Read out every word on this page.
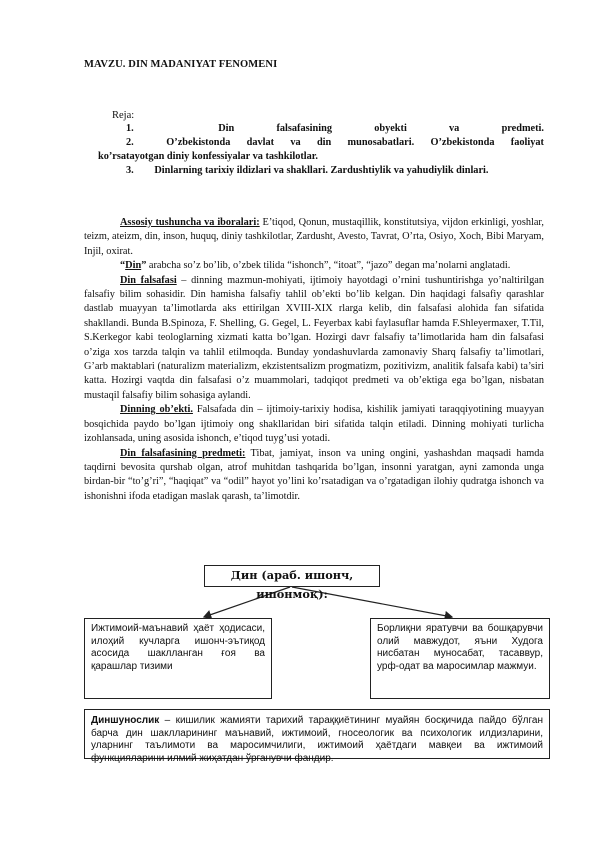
MAVZU. DIN MADANIYAT FENOMENI
Reja:
1.	Din falsafasining obyekti va predmeti.
2.	O’zbekistonda davlat va din munosabatlari. O’zbekistonda faoliyat
ko’rsatayotgan diniy konfessiyalar va tashkilotlar.
3. Dinlarning tarixiy ildizlari va shakllari. Zardushtiylik va yahudiylik dinlari.

Assosiy tushuncha va iboralari: E’tiqod, Qonun, mustaqillik, konstitutsiya, vijdon erkinligi, yoshlar, teizm, ateizm, din, inson, huquq, diniy tashkilotlar, Zardusht, Avesto, Tavrat, O’rta, Osiyo, Xoch, Bibi Maryam, Injil, oxirat.

“Din” arabcha so’z bo’lib, o’zbek tilida “ishonch”, “itoat”, “jazo” degan ma’nolarni anglatadi.

Din falsafasi – dinning mazmun-mohiyati, ijtimoiy hayotdagi o’rnini tushuntirishga yo’naltirilgan falsafiy bilim sohasidir. Din hamisha falsafiy tahlil ob’ekti bo’lib kelgan. Din haqidagi falsafiy qarashlar dastlab muayyan ta’limotlarda aks ettirilgan XVIII-XIX rlarga kelib, din falsafasi alohida fan sifatida shakllandi. Bunda B.Spinoza, F. Shelling, G. Gegel, L. Feyerbax kabi faylasuflar hamda F.Shleyermaxer, T.Til, S.Kerkegor kabi teologlarning xizmati katta bo’lgan. Hozirgi davr falsafiy ta’limotlarida ham din falsafasi o’ziga xos tarzda talqin va tahlil etilmoqda. Bunday yondashuvlarda zamonaviy Sharq falsafiy ta’limotlari, G’arb maktablari (naturalizm materializm, ekzistentsalizm progmatizm, pozitivizm, analitik falsafa kabi) ta’siri katta. Hozirgi vaqtda din falsafasi o’z muammolari, tadqiqot predmeti va ob’ektiga ega bo’lgan, nisbatan mustaqil falsafiy bilim sohasiga aylandi.

Dinning ob’ekti. Falsafada din – ijtimoiy-tarixiy hodisa, kishilik jamiyati taraqqiyotining muayyan bosqichida paydo bo’lgan ijtimoiy ong shakllaridan biri sifatida talqin etiladi. Dinning mohiyati turlicha izohlansada, uning asosida ishonch, e’tiqod tuyg’usi yotadi.

Din falsafasining predmeti: Tibat, jamiyat, inson va uning ongini, yashashdan maqsadi hamda taqdirni bevosita qurshab olgan, atrof muhitdan tashqarida bo’lgan, insonni yaratgan, ayni zamonda unga birdan-bir “to’g’ri”, “haqiqat” va “odil” hayot yo’lini ko’rsatadigan va o’rgatadigan ilohiy qudratga ishonch va ishonishni ifoda etadigan maslak qarash, ta’limotdir.

Дин (араб. ишонч, ишонмоқ):
Ижтимоий-маънавий ҳаёт ҳодисаси, илоҳий кучларга ишонч-эътиқод асосида шаклланган ғоя ва қарашлар тизими
Борлиқни яратувчи ва бошқарувчи олий мавжудот, яъни Худога нисбатан муносабат, тасаввур, урф-одат ва маросимлар мажмуи.
Диншунослик – кишилик жамияти тарихий тараққиётининг муайян босқичида пайдо бўлган барча дин шаклларининг маънавий, ижтимоий, гносеологик ва психологик илдизларини, уларнинг таълимоти ва маросимчилиги, ижтимоий ҳаётдаги мавқеи ва ижтимоий функцияларини илмий жиҳатдан ўрганувчи фандир.
